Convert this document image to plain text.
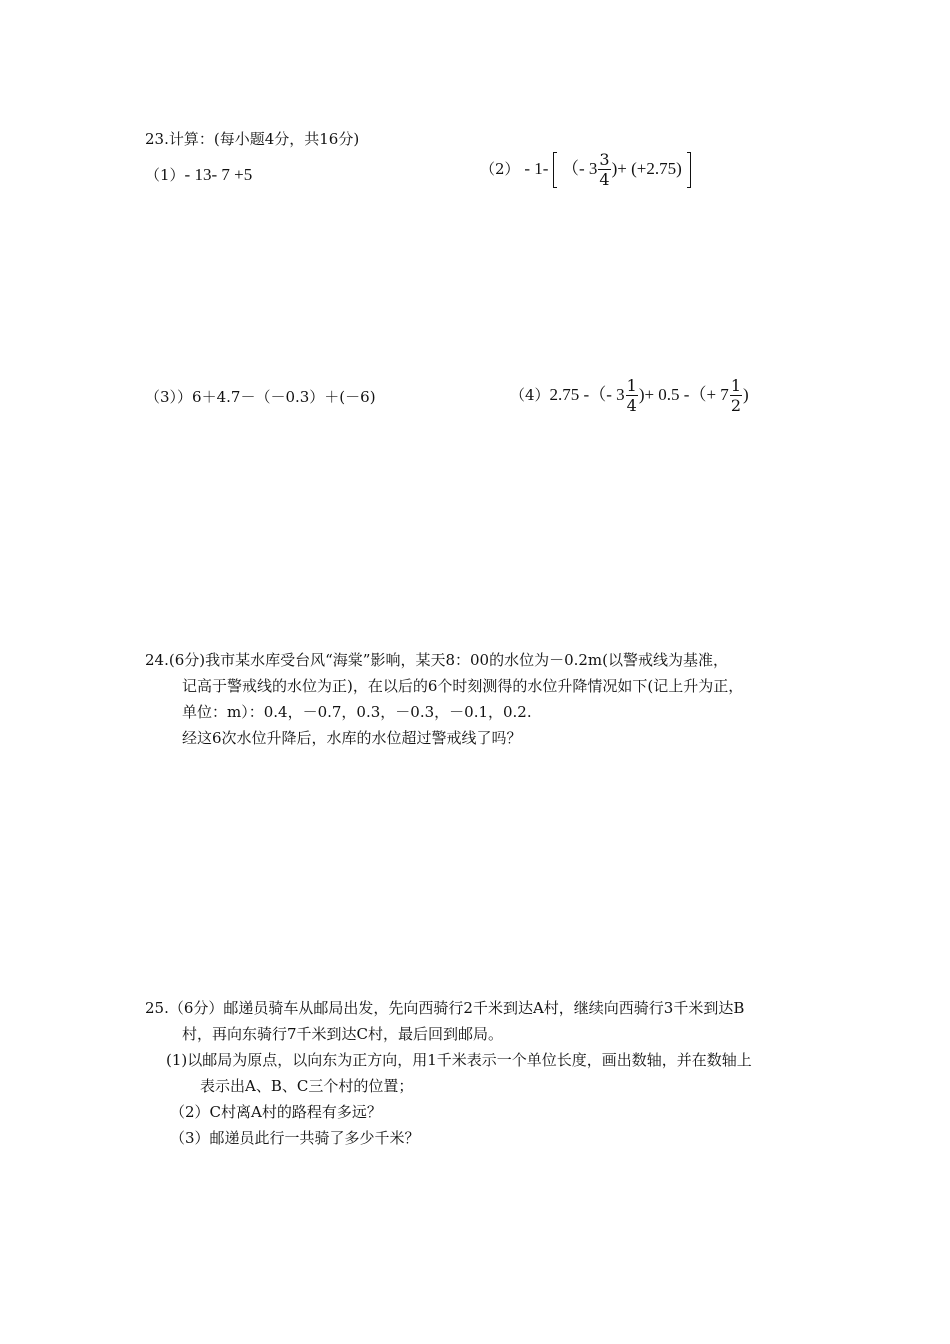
23.计算：(每小题4分，共16分)
（1）- 13- 7 +5	（2） - 1- （- $3 \frac{3}{4}$ )+ (+2.75)
（3））6＋4.7－（－0.3）＋(－6)	（4）2.75 -（- $3 \frac{1}{4}$ )+ 0.5 -（+ $7 \frac{1}{2}$ )
24.(6分)我市某水库受台风“海棠”影响，某天8：00的水位为－0.2m(以警戒线为基准，
记高于警戒线的水位为正)，在以后的6个时刻测得的水位升降情况如下(记上升为正，
单位：m）：0.4，－0.7，0.3，－0.3，－0.1，0.2.
经这6次水位升降后，水库的水位超过警戒线了吗？
25.（6分）邮递员骑车从邮局出发，先向西骑行2千米到达A村，继续向西骑行3千米到达B
村，再向东骑行7千米到达C村，最后回到邮局。
(1)以邮局为原点，以向东为正方向，用1千米表示一个单位长度，画出数轴，并在数轴上
表示出A、B、C三个村的位置；
（2）C村离A村的路程有多远？
（3）邮递员此行一共骑了多少千米？
